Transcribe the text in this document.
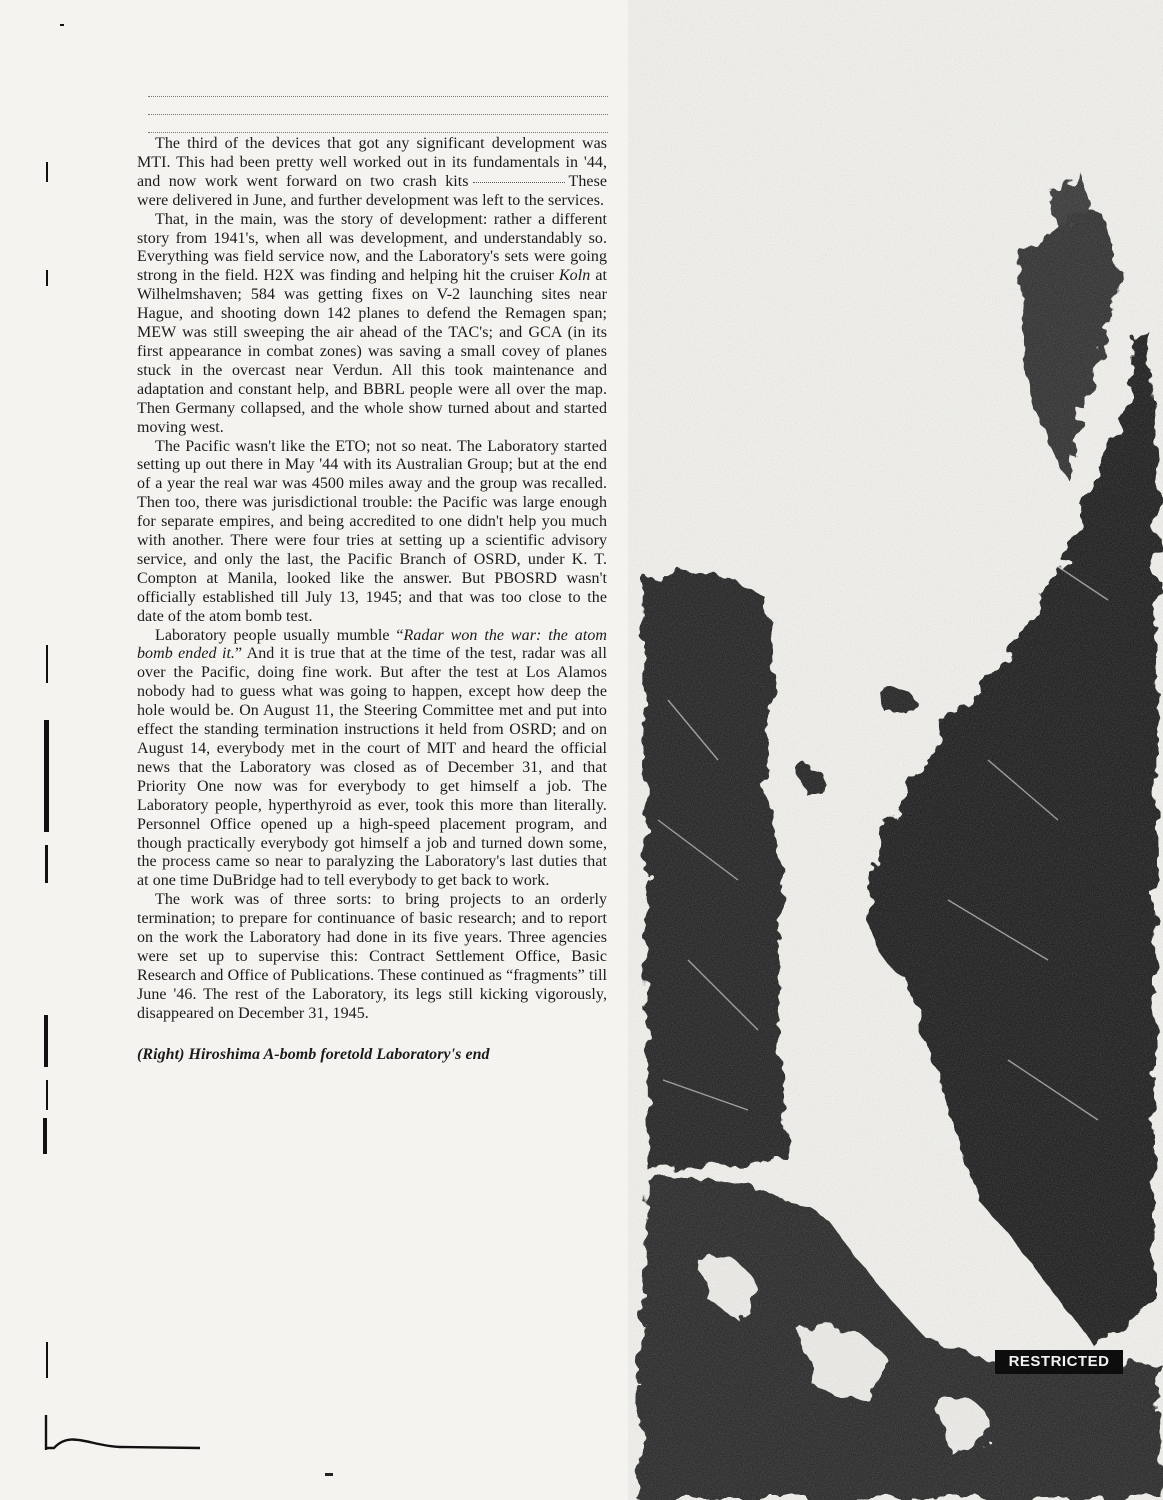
The third of the devices that got any significant development was MTI. This had been pretty well worked out in its fundamentals in '44, and now work went forward on two crash kits	These were delivered in June, and further development was left to the services.

That, in the main, was the story of development: rather a different story from 1941's, when all was development, and understandably so. Everything was field service now, and the Laboratory's sets were going strong in the field. H2X was finding and helping hit the cruiser Koln at Wilhelmshaven; 584 was getting fixes on V-2 launching sites near Hague, and shooting down 142 planes to defend the Remagen span; MEW was still sweeping the air ahead of the TAC's; and GCA (in its first appearance in combat zones) was saving a small covey of planes stuck in the overcast near Verdun. All this took maintenance and adaptation and constant help, and BBRL people were all over the map. Then Germany collapsed, and the whole show turned about and started moving west.

The Pacific wasn't like the ETO; not so neat. The Laboratory started setting up out there in May '44 with its Australian Group; but at the end of a year the real war was 4500 miles away and the group was recalled. Then too, there was jurisdictional trouble: the Pacific was large enough for separate empires, and being accredited to one didn't help you much with another. There were four tries at setting up a scientific advisory service, and only the last, the Pacific Branch of OSRD, under K. T. Compton at Manila, looked like the answer. But PBOSRD wasn't officially established till July 13, 1945; and that was too close to the date of the atom bomb test.

Laboratory people usually mumble “Radar won the war: the atom bomb ended it.” And it is true that at the time of the test, radar was all over the Pacific, doing fine work. But after the test at Los Alamos nobody had to guess what was going to happen, except how deep the hole would be. On August 11, the Steering Committee met and put into effect the standing termination instructions it held from OSRD; and on August 14, everybody met in the court of MIT and heard the official news that the Laboratory was closed as of December 31, and that Priority One now was for everybody to get himself a job. The Laboratory people, hyperthyroid as ever, took this more than literally. Personnel Office opened up a high-speed placement program, and though practically everybody got himself a job and turned down some, the process came so near to paralyzing the Laboratory's last duties that at one time DuBridge had to tell everybody to get back to work.

The work was of three sorts: to bring projects to an orderly termination; to prepare for continuance of basic research; and to report on the work the Laboratory had done in its five years. Three agencies were set up to supervise this: Contract Settlement Office, Basic Research and Office of Publications. These continued as “fragments” till June '46. The rest of the Laboratory, its legs still kicking vigorously, disappeared on December 31, 1945.

(Right) Hiroshima A-bomb foretold Laboratory's end

RESTRICTED
